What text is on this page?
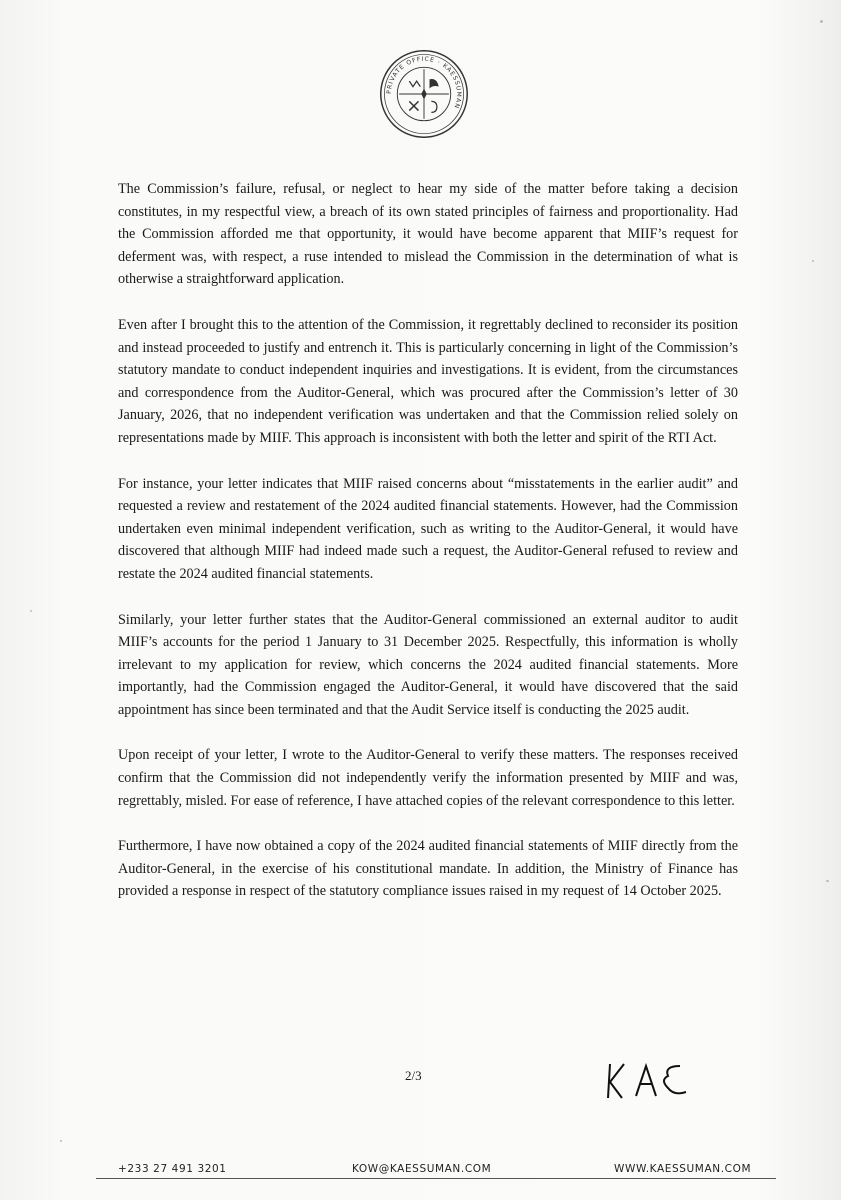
PRIVATE OFFICE · KAESSUMAN

The Commission’s failure, refusal, or neglect to hear my side of the matter before taking a decision constitutes, in my respectful view, a breach of its own stated principles of fairness and proportionality. Had the Commission afforded me that opportunity, it would have become apparent that MIIF’s request for deferment was, with respect, a ruse intended to mislead the Commission in the determination of what is otherwise a straightforward application.

Even after I brought this to the attention of the Commission, it regrettably declined to reconsider its position and instead proceeded to justify and entrench it. This is particularly concerning in light of the Commission’s statutory mandate to conduct independent inquiries and investigations. It is evident, from the circumstances and correspondence from the Auditor-General, which was procured after the Commission’s letter of 30 January, 2026, that no independent verification was undertaken and that the Commission relied solely on representations made by MIIF. This approach is inconsistent with both the letter and spirit of the RTI Act.

For instance, your letter indicates that MIIF raised concerns about “misstatements in the earlier audit” and requested a review and restatement of the 2024 audited financial statements. However, had the Commission undertaken even minimal independent verification, such as writing to the Auditor-General, it would have discovered that although MIIF had indeed made such a request, the Auditor-General refused to review and restate the 2024 audited financial statements.

Similarly, your letter further states that the Auditor-General commissioned an external auditor to audit MIIF’s accounts for the period 1 January to 31 December 2025. Respectfully, this information is wholly irrelevant to my application for review, which concerns the 2024 audited financial statements. More importantly, had the Commission engaged the Auditor-General, it would have discovered that the said appointment has since been terminated and that the Audit Service itself is conducting the 2025 audit.

Upon receipt of your letter, I wrote to the Auditor-General to verify these matters. The responses received confirm that the Commission did not independently verify the information presented by MIIF and was, regrettably, misled. For ease of reference, I have attached copies of the relevant correspondence to this letter.

Furthermore, I have now obtained a copy of the 2024 audited financial statements of MIIF directly from the Auditor-General, in the exercise of his constitutional mandate. In addition, the Ministry of Finance has provided a response in respect of the statutory compliance issues raised in my request of 14 October 2025.

2/3
+233 27 491 3201	KOW@KAESSUMAN.COM	WWW.KAESSUMAN.COM
